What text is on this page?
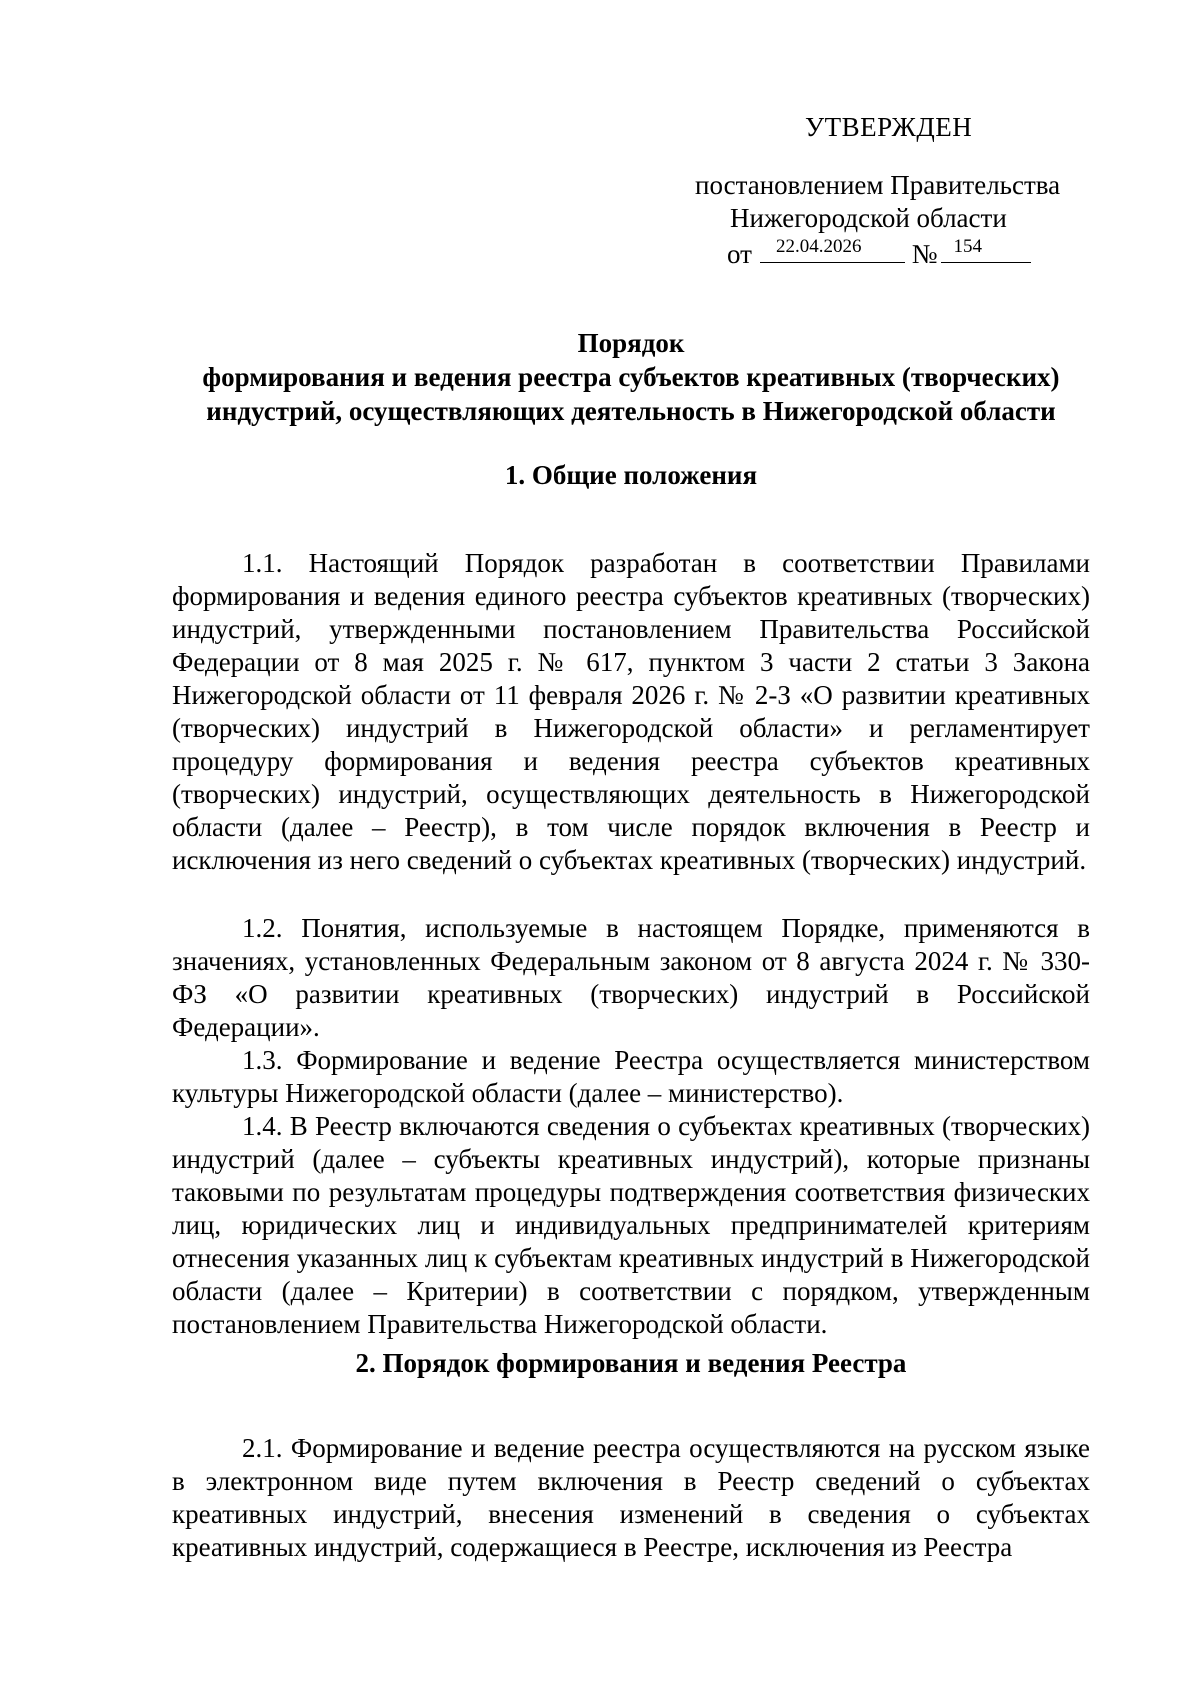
УТВЕРЖДЕН
постановлением Правительства
Нижегородской области
от 22.04.2026 № 154
Порядок
формирования и ведения реестра субъектов креативных (творческих)
индустрий, осуществляющих деятельность в Нижегородской области
1. Общие положения

1.1. Настоящий Порядок разработан в соответствии Правилами формирования и ведения единого реестра субъектов креативных (творческих) индустрий, утвержденными постановлением Правительства Российской Федерации от 8 мая 2025 г. № 617, пунктом 3 части 2 статьи 3 Закона Нижегородской области от 11 февраля 2026 г. № 2-З «О развитии креативных (творческих) индустрий в Нижегородской области» и регламентирует процедуру формирования и ведения реестра субъектов креативных (творческих) индустрий, осуществляющих деятельность в Нижегородской области (далее – Реестр), в том числе порядок включения в Реестр и исключения из него сведений о субъектах креативных (творческих) индустрий.

1.2. Понятия, используемые в настоящем Порядке, применяются в значениях, установленных Федеральным законом от 8 августа 2024 г. № 330-ФЗ «О развитии креативных (творческих) индустрий в Российской Федерации».

1.3. Формирование и ведение Реестра осуществляется министерством культуры Нижегородской области (далее – министерство).

1.4. В Реестр включаются сведения о субъектах креативных (творческих) индустрий (далее – субъекты креативных индустрий), которые признаны таковыми по результатам процедуры подтверждения соответствия физических лиц, юридических лиц и индивидуальных предпринимателей критериям отнесения указанных лиц к субъектам креативных индустрий в Нижегородской области (далее – Критерии) в соответствии с порядком, утвержденным постановлением Правительства Нижегородской области.

2. Порядок формирования и ведения Реестра

2.1. Формирование и ведение реестра осуществляются на русском языке в электронном виде путем включения в Реестр сведений о субъектах креативных индустрий, внесения изменений в сведения о субъектах креативных индустрий, содержащиеся в Реестре, исключения из Реестра
